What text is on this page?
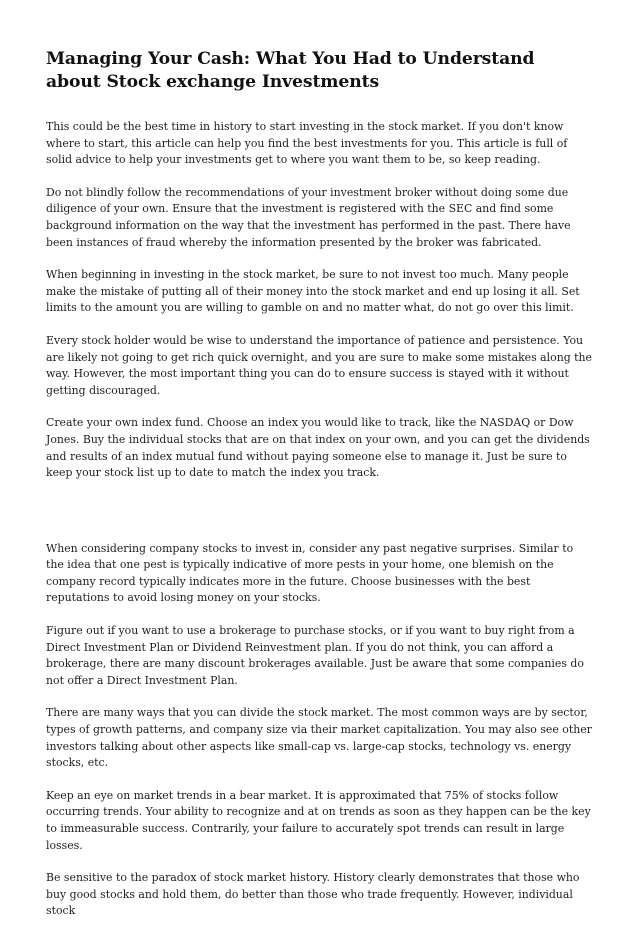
Managing Your Cash: What You Had to Understand about Stock exchange Investments

This could be the best time in history to start investing in the stock market. If you don't know where to start, this article can help you find the best investments for you. This article is full of solid advice to help your investments get to where you want them to be, so keep reading.

Do not blindly follow the recommendations of your investment broker without doing some due diligence of your own. Ensure that the investment is registered with the SEC and find some background information on the way that the investment has performed in the past. There have been instances of fraud whereby the information presented by the broker was fabricated.

When beginning in investing in the stock market, be sure to not invest too much. Many people make the mistake of putting all of their money into the stock market and end up losing it all. Set limits to the amount you are willing to gamble on and no matter what, do not go over this limit.

Every stock holder would be wise to understand the importance of patience and persistence. You are likely not going to get rich quick overnight, and you are sure to make some mistakes along the way. However, the most important thing you can do to ensure success is stayed with it without getting discouraged.

Create your own index fund. Choose an index you would like to track, like the NASDAQ or Dow Jones. Buy the individual stocks that are on that index on your own, and you can get the dividends and results of an index mutual fund without paying someone else to manage it. Just be sure to keep your stock list up to date to match the index you track.

When considering company stocks to invest in, consider any past negative surprises. Similar to the idea that one pest is typically indicative of more pests in your home, one blemish on the company record typically indicates more in the future. Choose businesses with the best reputations to avoid losing money on your stocks.

Figure out if you want to use a brokerage to purchase stocks, or if you want to buy right from a Direct Investment Plan or Dividend Reinvestment plan. If you do not think, you can afford a brokerage, there are many discount brokerages available. Just be aware that some companies do not offer a Direct Investment Plan.

There are many ways that you can divide the stock market. The most common ways are by sector, types of growth patterns, and company size via their market capitalization. You may also see other investors talking about other aspects like small-cap vs. large-cap stocks, technology vs. energy stocks, etc.

Keep an eye on market trends in a bear market. It is approximated that 75% of stocks follow occurring trends. Your ability to recognize and at on trends as soon as they happen can be the key to immeasurable success. Contrarily, your failure to accurately spot trends can result in large losses.

Be sensitive to the paradox of stock market history. History clearly demonstrates that those who buy good stocks and hold them, do better than those who trade frequently. However, individual stock
